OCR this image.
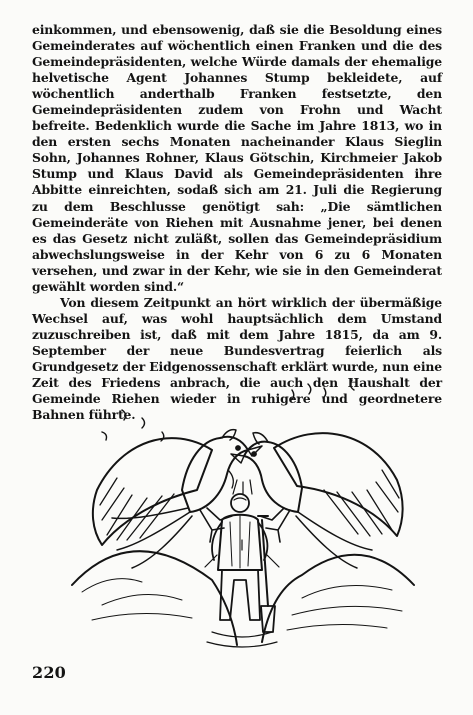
einkommen, und ebensowenig, daß sie die Besoldung eines Gemeinderates auf wöchentlich einen Franken und die des Gemeindepräsidenten, welche Würde damals der ehemalige helvetische Agent Johannes Stump bekleidete, auf wöchentlich anderthalb Franken festsetzte, den Gemeindepräsidenten zudem von Frohn und Wacht befreite. Bedenklich wurde die Sache im Jahre 1813, wo in den ersten sechs Monaten nacheinander Klaus Sieglin Sohn, Johannes Rohner, Klaus Götschin, Kirchmeier Jakob Stump und Klaus David als Gemeindepräsidenten ihre Abbitte einreichten, sodaß sich am 21. Juli die Regierung zu dem Beschlusse genötigt sah: „Die sämtlichen Gemeinderäte von Riehen mit Ausnahme jener, bei denen es das Gesetz nicht zuläßt, sollen das Gemeindepräsidium abwechslungsweise in der Kehr von 6 zu 6 Monaten versehen, und zwar in der Kehr, wie sie in den Gemeinderat gewählt worden sind.“

Von diesem Zeitpunkt an hört wirklich der übermäßige Wechsel auf, was wohl hauptsächlich dem Umstand zuzuschreiben ist, daß mit dem Jahre 1815, da am 9. September der neue Bundesvertrag feierlich als Grundgesetz der Eidgenossenschaft erklärt wurde, nun eine Zeit des Friedens anbrach, die auch den Haushalt der Gemeinde Riehen wieder in ruhigere und geordnetere Bahnen führte.

220
